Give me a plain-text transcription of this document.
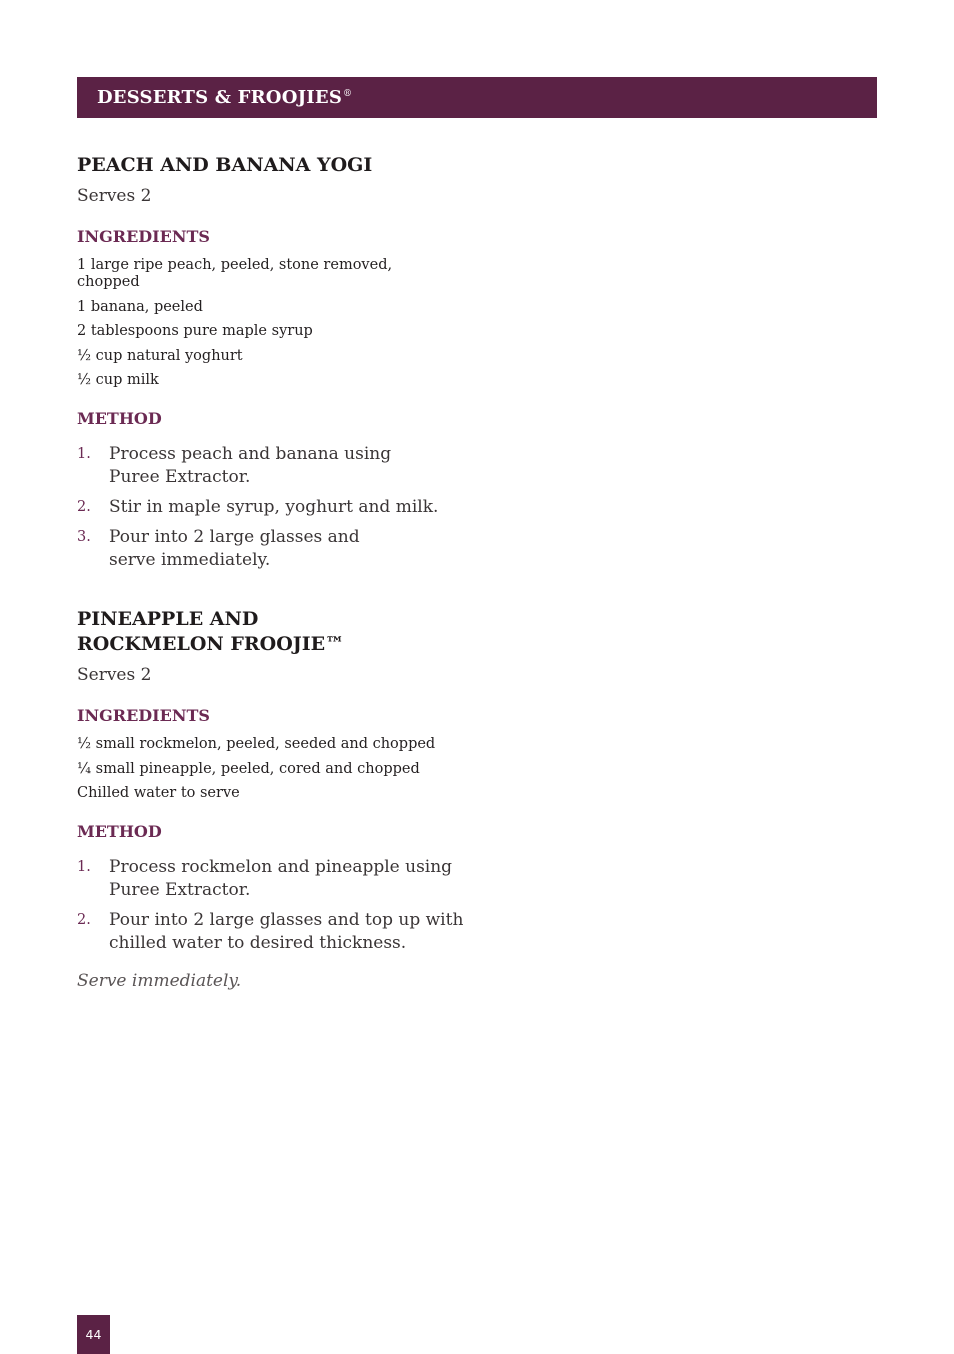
DESSERTS & FROOJIES®
PEACH AND BANANA YOGI

Serves 2

INGREDIENTS
1 large ripe peach, peeled, stone removed, chopped
1 banana, peeled
2 tablespoons pure maple syrup
½ cup natural yoghurt
½ cup milk
METHOD
1.	Process peach and banana using Puree Extractor.
2.	Stir in maple syrup, yoghurt and milk.
3.	Pour into 2 large glasses and serve immediately.
PINEAPPLE AND ROCKMELON FROOJIE™

Serves 2

INGREDIENTS
½ small rockmelon, peeled, seeded and chopped
¼ small pineapple, peeled, cored and chopped
Chilled water to serve
METHOD
1.	Process rockmelon and pineapple using Puree Extractor.
2.	Pour into 2 large glasses and top up with chilled water to desired thickness.

Serve immediately.

44
